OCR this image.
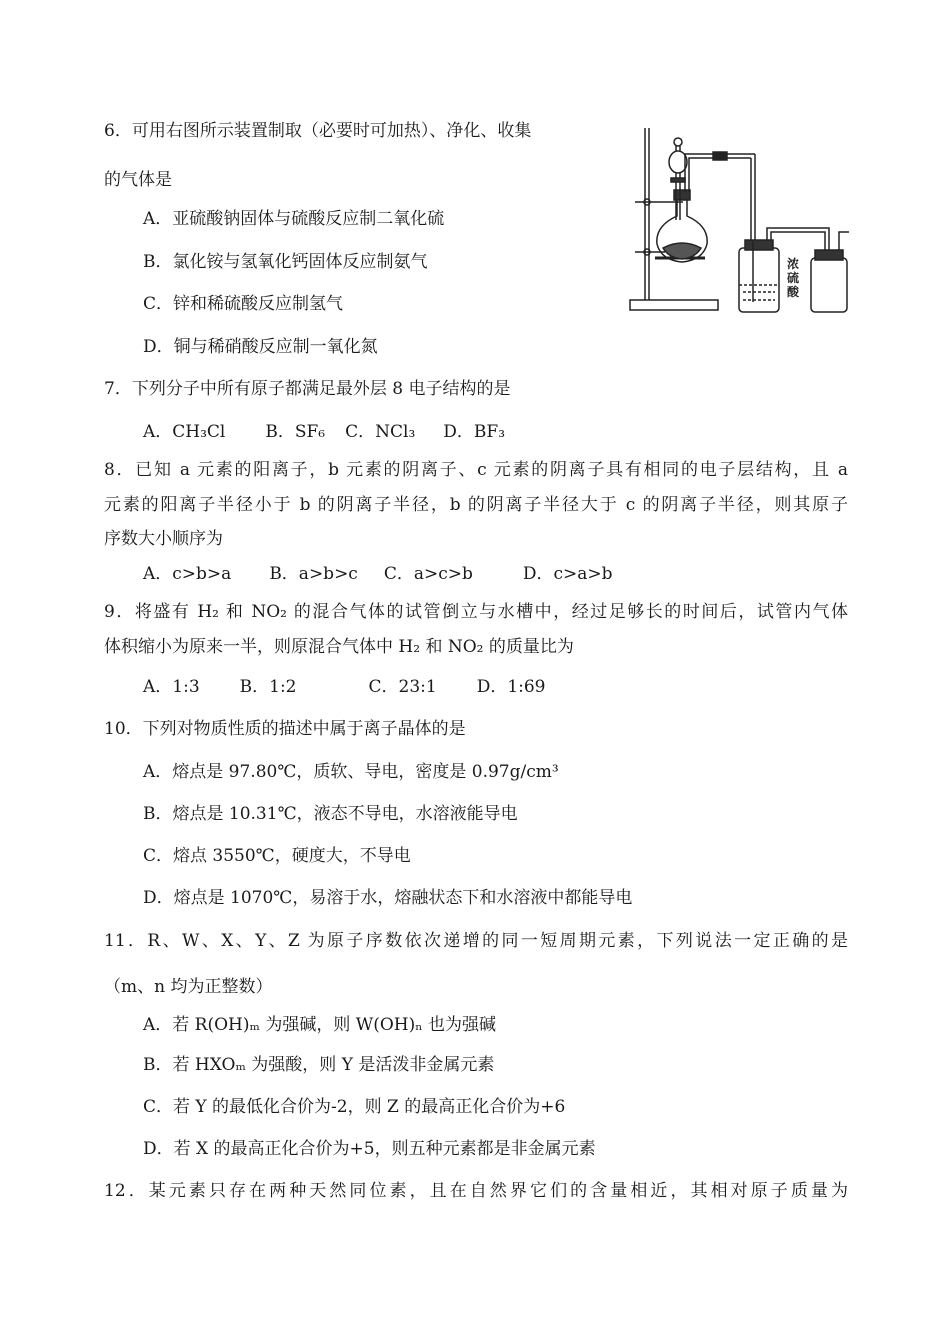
6．可用右图所示装置制取（必要时可加热）、净化、收集
的气体是
A．亚硫酸钠固体与硫酸反应制二氧化硫
B．氯化铵与氢氧化钙固体反应制氨气
C．锌和稀硫酸反应制氢气
D．铜与稀硝酸反应制一氧化氮
浓
硫
酸
7．下列分子中所有原子都满足最外层 8 电子结构的是
A．CH₃Cl B．SF₆ C．NCl₃ D．BF₃
8．已知 a 元素的阳离子，b 元素的阴离子、c 元素的阴离子具有相同的电子层结构，且 a
元素的阳离子半径小于 b 的阴离子半径，b 的阴离子半径大于 c 的阴离子半径，则其原子
序数大小顺序为
A．c>b>a B．a>b>c C．a>c>b	D．c>a>b
9．将盛有 H₂ 和 NO₂ 的混合气体的试管倒立与水槽中，经过足够长的时间后，试管内气体
体积缩小为原来一半，则原混合气体中 H₂ 和 NO₂ 的质量比为
A．1:3 B．1:2	C．23:1 D．1:69
10．下列对物质性质的描述中属于离子晶体的是
A．熔点是 97.80℃，质软、导电，密度是 0.97g/cm³
B．熔点是 10.31℃，液态不导电，水溶液能导电
C．熔点 3550℃，硬度大，不导电
D．熔点是 1070℃，易溶于水，熔融状态下和水溶液中都能导电
11．R、W、X、Y、Z 为原子序数依次递增的同一短周期元素，下列说法一定正确的是
（m、n 均为正整数）
A．若 R(OH)ₘ 为强碱，则 W(OH)ₙ 也为强碱
B．若 HXOₘ 为强酸，则 Y 是活泼非金属元素
C．若 Y 的最低化合价为-2，则 Z 的最高正化合价为+6
D．若 X 的最高正化合价为+5，则五种元素都是非金属元素
12．某元素只存在两种天然同位素，且在自然界它们的含量相近，其相对原子质量为
